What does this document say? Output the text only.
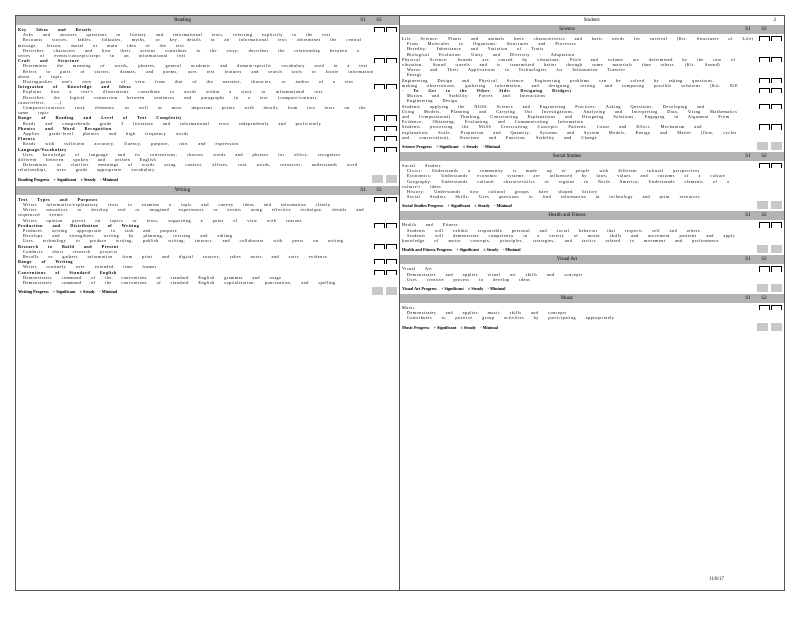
Reading	S1	S2
Key Ideas and Details
Asks and answers questions in literary and informational texts, referring explicitly to the text
Recounts stories, fables, folktales, myths, or key details in an informational text; determines the central
message, lesson, moral or main idea of the text
Describes characters and how their actions contribute to the story; describes the relationship between a
series of events/concepts/steps in an informational text
Craft and Structure
Determines the meaning of words, phrases, general academic and domain-specific vocabulary used in a text
Refers to parts of stories, dramas, and poems; uses text features and search tools to locate information
about a topic
Distinguishes one's own point of view from that of the narrator, character, or author of a text
Integration of Knowledge and Ideas
Explains how a text's illustrations contribute to words within a story or informational text
Describes the logical connection between sentences and paragraphs in a text (compare/contrast,
cause/effect, ...)
Compares/contrasts story elements, as well as most important points with details from two texts on the
same topic
Range of Reading and Level of Text Complexity
Reads and comprehends grade 3 literature and informational texts independently and proficiently
Phonics and Word Recognition
Applies grade-level phonics and high frequency words
Fluency
Reads with sufficient accuracy, fluency, purpose, rate, and expression
Language/Vocabulary
Uses knowledge of language and its conventions; chooses words and phrases for effect; recognizes
different between spoken and written English
Determines or clarifies meanings of words using context, affixes, root words, resources, understands word
relationships, uses grade appropriate vocabulary
Reading Progress    + Significant    ± Steady    - Minimal
Writing	S1	S2
Text Types and Purposes
Writes informative/explanatory texts to examine a topic and convey ideas and information clearly
Writes narratives to develop real or imagined experiences or events using effective technique, details and
sequenced events
Writes opinion pieces on topics or texts, supporting a point of view with reasons
Production and Distribution of Writing
Produces writing appropriate to task and purpose
Develops and strengthens writing by planning, revising and editing
Uses technology to produce writing, publish writing, interact, and collaborate with peers on writing
Research to Build and Present
Conducts short research projects
Recalls or gathers information from print and digital sources, takes notes and sorts evidence
Range of Writing
Writes routinely over extended time frames
Conventions of Standard English
Demonstrates command of the conventions of standard English grammar and usage
Demonstrates command of the conventions of standard English capitalization, punctuation, and spelling
Writing Progress    + Significant    ± Steady    - Minimal
Student:	2
Science	S1	S2
Life Science: Plants and animals have characteristics and basic needs for survival (Kit: Structures of Life)
From Molecules to Organisms: Structures and Processes
Heredity: Inheritance and Variation of Traits
Biological Evolution: Unity and Diversity - Adaptation
Physical Science: Sounds are caused by vibrations. Pitch and volume are determined by the rate of
vibration. Sound travels and is transmitted better through some materials than others. (Kit: Sound)
Waves and Their Applications in Technologies for Information Transfer
Energy
Engineering Design and Physical Science: Engineering problems can be solved by asking questions,
making observations, gathering information, and designing, testing and comparing possible solutions (Kit: EiE
- To Get to the Other Side: Designing Bridges)
Motion and Stability: Forces and Interactions
Engineering Design
Students applying the NGSS Science and Engineering Practices: Asking Questions, Developing and
Using Models, Planning and Carrying Out Investigations, Analyzing and Interpreting Data, Using Mathematics
and Computational Thinking, Constructing Explanations and Designing Solutions, Engaging in Argument From
Evidence, Obtaining, Evaluating and Communicating Information
Students processing the NGSS Crosscutting Concepts: Patterns, Cause and Effect: Mechanism and
explanation; Scale, Proportion and Quantity, Systems and System Models, Energy and Matter (flow, cycles
and conservation), Structure and Function, Stability and Change
Science Progress    + Significant    ± Steady    - Minimal
Social Studies	S1	S2
Social Studies
Civics: Understands a community is made up of people with different cultural perspectives
Economics: Understands economic systems are influenced by laws, values and customs of a culture
Geography: Understands cultural characteristics of regions in North America; Understands elements of a
culture's ideas
History: Understands how cultural groups have shaped history
Social Studies Skills: Uses questions to find information in technology and print resources
Social Studies Progress    + Significant    ± Steady    - Minimal
Health and Fitness	S1	S2
Health and Fitness
Students will exhibit responsible personal and social behavior that respects self and others
Students will demonstrate competency in a variety of motor skills and movement patterns and apply
knowledge of motor concepts, principles, strategies, and tactics related to movement and performance
Health and Fitness Progress    + Significant    ± Steady    - Minimal
Visual Art	S1	S2
Visual Art
Demonstrates and applies visual art skills and concepts
Uses creative process to develop ideas
Visual Art Progress    + Significant    ± Steady    - Minimal
Music	S1	S2
Music
Demonstrates and applies music skills and concepts
Contributes to positive group activities by participating appropriately
Music Progress    + Significant    ± Steady    - Minimal
11/8/17
